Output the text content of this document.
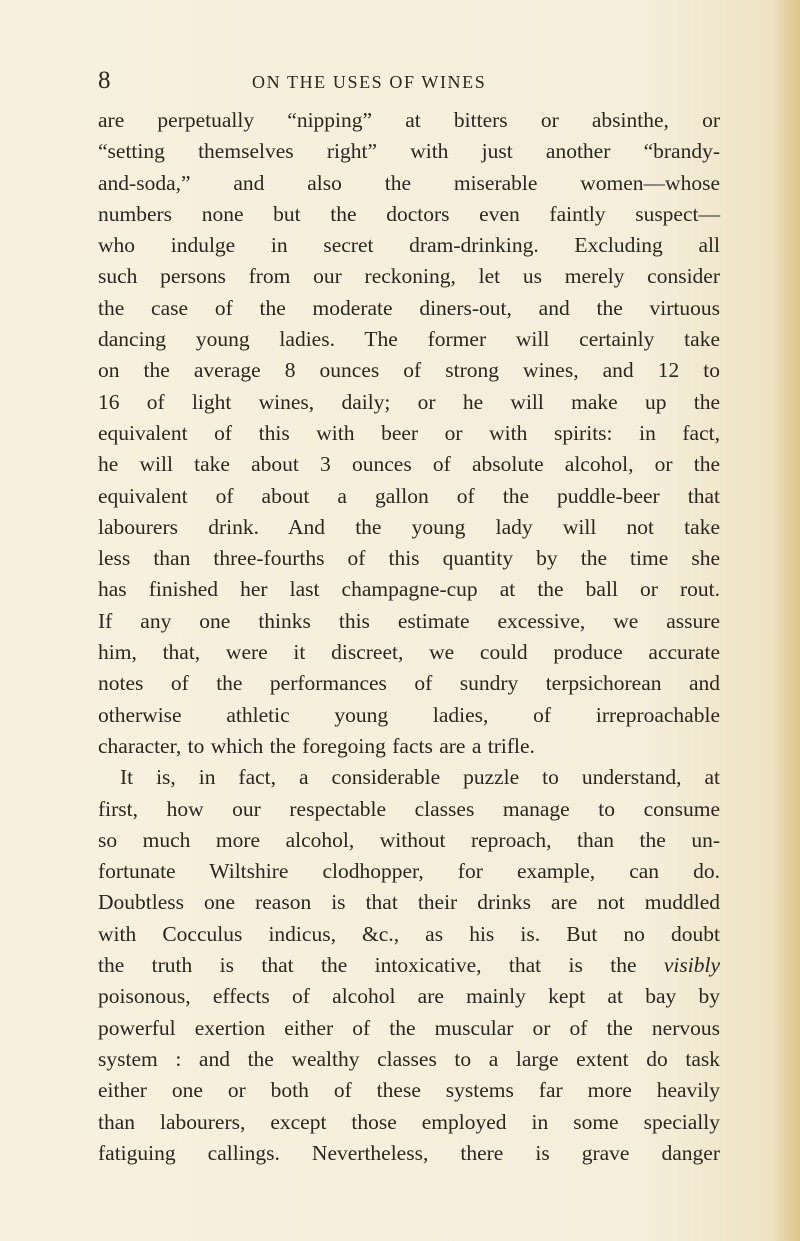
8	ON THE USES OF WINES
are perpetually “nipping” at bitters or absinthe, or
“setting themselves right” with just another “brandy-
and-soda,” and also the miserable women—whose
numbers none but the doctors even faintly suspect—
who indulge in secret dram-drinking. Excluding all
such persons from our reckoning, let us merely consider
the case of the moderate diners-out, and the virtuous
dancing young ladies. The former will certainly take
on the average 8 ounces of strong wines, and 12 to
16 of light wines, daily; or he will make up the
equivalent of this with beer or with spirits: in fact,
he will take about 3 ounces of absolute alcohol, or the
equivalent of about a gallon of the puddle-beer that
labourers drink. And the young lady will not take
less than three-fourths of this quantity by the time she
has finished her last champagne-cup at the ball or rout.
If any one thinks this estimate excessive, we assure
him, that, were it discreet, we could produce accurate
notes of the performances of sundry terpsichorean and
otherwise athletic young ladies, of irreproachable
character, to which the foregoing facts are a trifle.
It is, in fact, a considerable puzzle to understand, at
first, how our respectable classes manage to consume
so much more alcohol, without reproach, than the un-
fortunate Wiltshire clodhopper, for example, can do.
Doubtless one reason is that their drinks are not muddled
with Cocculus indicus, &c., as his is. But no doubt
the truth is that the intoxicative, that is the visibly
poisonous, effects of alcohol are mainly kept at bay by
powerful exertion either of the muscular or of the nervous
system : and the wealthy classes to a large extent do task
either one or both of these systems far more heavily
than labourers, except those employed in some specially
fatiguing callings. Nevertheless, there is grave danger
